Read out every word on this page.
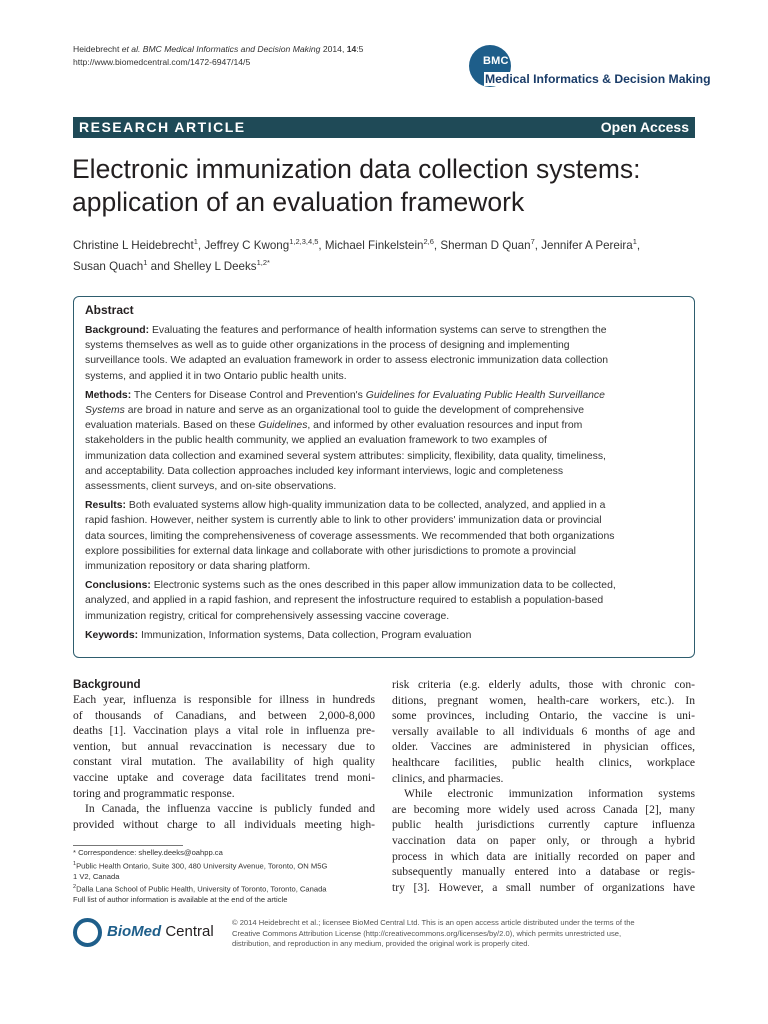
Heidebrecht et al. BMC Medical Informatics and Decision Making 2014, 14:5
http://www.biomedcentral.com/1472-6947/14/5	BMC
Medical Informatics & Decision Making
RESEARCH ARTICLE	Open Access
Electronic immunization data collection systems:
application of an evaluation framework
Christine L Heidebrecht$^1$, Jeffrey C Kwong$^{1,2,3,4,5}$, Michael Finkelstein$^{2,6}$, Sherman D Quan$^7$, Jennifer A Pereira$^1$,
Susan Quach$^1$ and Shelley L Deeks$^{1,2*}$
Abstract

Background: Evaluating the features and performance of health information systems can serve to strengthen the
systems themselves as well as to guide other organizations in the process of designing and implementing
surveillance tools. We adapted an evaluation framework in order to assess electronic immunization data collection
systems, and applied it in two Ontario public health units.

Methods: The Centers for Disease Control and Prevention's Guidelines for Evaluating Public Health Surveillance
Systems are broad in nature and serve as an organizational tool to guide the development of comprehensive
evaluation materials. Based on these Guidelines, and informed by other evaluation resources and input from
stakeholders in the public health community, we applied an evaluation framework to two examples of
immunization data collection and examined several system attributes: simplicity, flexibility, data quality, timeliness,
and acceptability. Data collection approaches included key informant interviews, logic and completeness
assessments, client surveys, and on-site observations.

Results: Both evaluated systems allow high-quality immunization data to be collected, analyzed, and applied in a
rapid fashion. However, neither system is currently able to link to other providers' immunization data or provincial
data sources, limiting the comprehensiveness of coverage assessments. We recommended that both organizations
explore possibilities for external data linkage and collaborate with other jurisdictions to promote a provincial
immunization repository or data sharing platform.

Conclusions: Electronic systems such as the ones described in this paper allow immunization data to be collected,
analyzed, and applied in a rapid fashion, and represent the infostructure required to establish a population-based
immunization registry, critical for comprehensively assessing vaccine coverage.

Keywords: Immunization, Information systems, Data collection, Program evaluation

Background
Each year, influenza is responsible for illness in hundreds
of thousands of Canadians, and between 2,000-8,000
deaths [1]. Vaccination plays a vital role in influenza pre-
vention, but annual revaccination is necessary due to
constant viral mutation. The availability of high quality
vaccine uptake and coverage data facilitates trend moni-
toring and programmatic response.
In Canada, the influenza vaccine is publicly funded and
provided without charge to all individuals meeting high-
risk criteria (e.g. elderly adults, those with chronic con-
ditions, pregnant women, health-care workers, etc.). In
some provinces, including Ontario, the vaccine is uni-
versally available to all individuals 6 months of age and
older. Vaccines are administered in physician offices,
healthcare facilities, public health clinics, workplace
clinics, and pharmacies.
While electronic immunization information systems
are becoming more widely used across Canada [2], many
public health jurisdictions currently capture influenza
vaccination data on paper only, or through a hybrid
process in which data are initially recorded on paper and
subsequently manually entered into a database or regis-
try [3]. However, a small number of organizations have
* Correspondence: shelley.deeks@oahpp.ca
$^1$Public Health Ontario, Suite 300, 480 University Avenue, Toronto, ON M5G
1 V2, Canada
$^2$Dalla Lana School of Public Health, University of Toronto, Toronto, Canada
Full list of author information is available at the end of the article
BioMed Central
© 2014 Heidebrecht et al.; licensee BioMed Central Ltd. This is an open access article distributed under the terms of the
Creative Commons Attribution License (http://creativecommons.org/licenses/by/2.0), which permits unrestricted use,
distribution, and reproduction in any medium, provided the original work is properly cited.
